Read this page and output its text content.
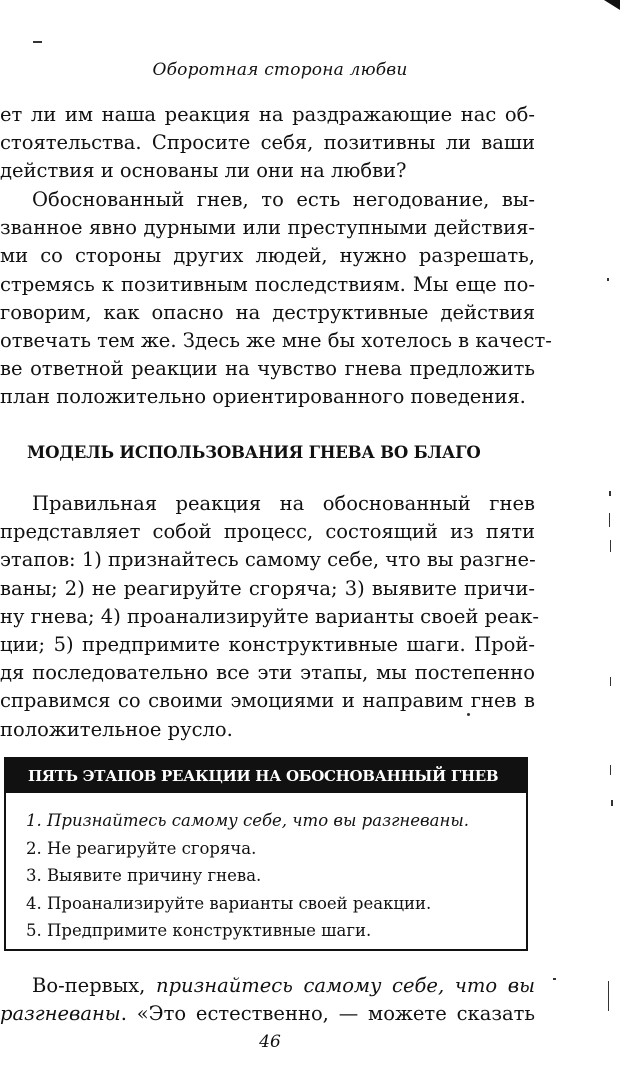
Оборотная сторона любви
ет ли им наша реакция на раздражающие нас об-
стоятельства. Спросите себя, позитивны ли ваши
действия и основаны ли они на любви?
Обоснованный гнев, то есть негодование, вы-
званное явно дурными или преступными действия-
ми со стороны других людей, нужно разрешать,
стремясь к позитивным последствиям. Мы еще по-
говорим, как опасно на деструктивные действия
отвечать тем же. Здесь же мне бы хотелось в качест-
ве ответной реакции на чувство гнева предложить
план положительно ориентированного поведения.
МОДЕЛЬ ИСПОЛЬЗОВАНИЯ ГНЕВА ВО БЛАГО
Правильная реакция на обоснованный гнев
представляет собой процесс, состоящий из пяти
этапов: 1) признайтесь самому себе, что вы разгне-
ваны; 2) не реагируйте сгоряча; 3) выявите причи-
ну гнева; 4) проанализируйте варианты своей реак-
ции; 5) предпримите конструктивные шаги. Прой-
дя последовательно все эти этапы, мы постепенно
справимся со своими эмоциями и направим гнев в
положительное русло.
ПЯТЬ ЭТАПОВ РЕАКЦИИ НА ОБОСНОВАННЫЙ ГНЕВ
1. Признайтесь самому себе, что вы разгневаны.
2. Не реагируйте сгоряча.
3. Выявите причину гнева.
4. Проанализируйте варианты своей реакции.
5. Предпримите конструктивные шаги.
Во-первых, признайтесь самому себе, что вы
разгневаны. «Это естественно, — можете сказать
46
